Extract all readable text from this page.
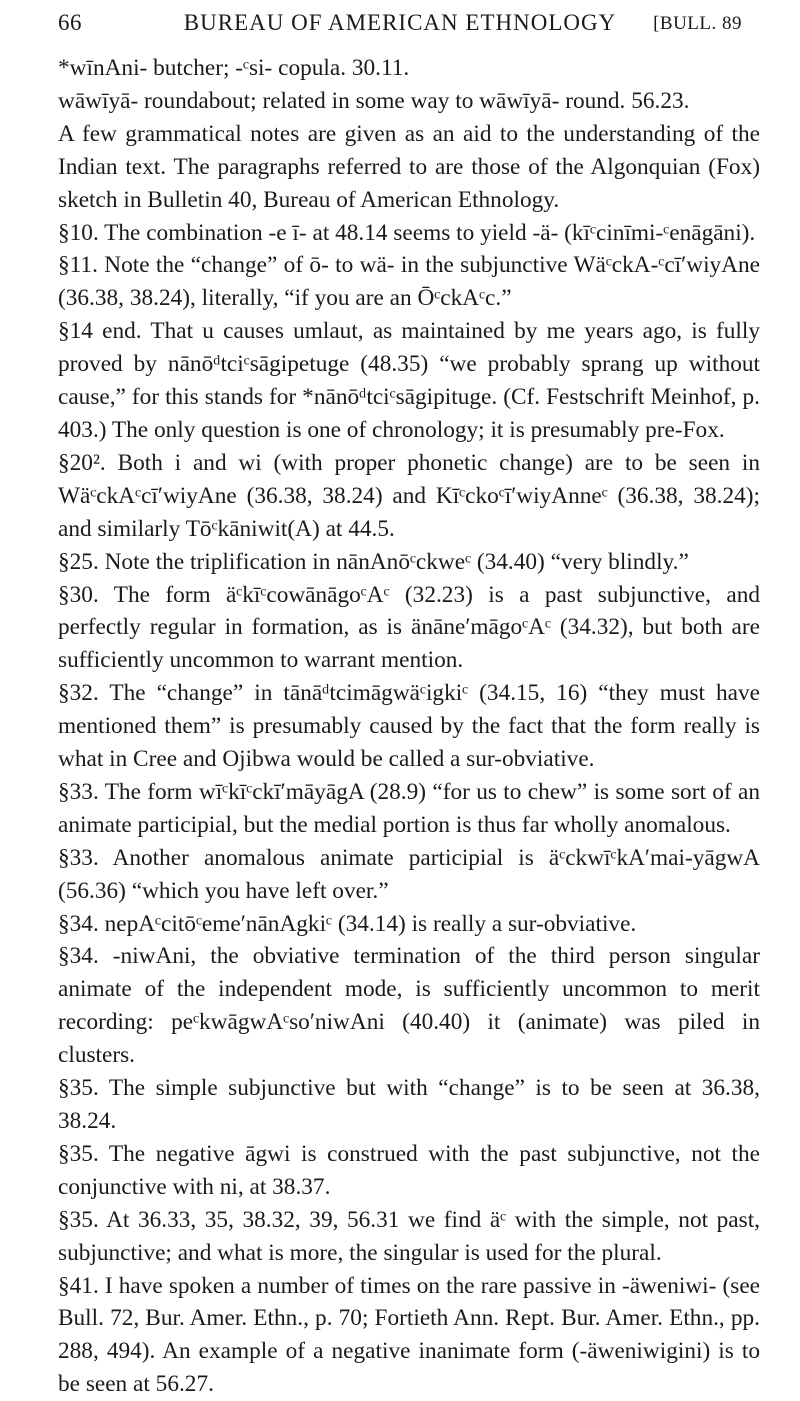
66	BUREAU OF AMERICAN ETHNOLOGY	[BULL. 89

*wīnAni- butcher; -ᶜsi- copula. 30.11.

wāwīyā- roundabout; related in some way to wāwīyā- round. 56.23.

A few grammatical notes are given as an aid to the understanding of the Indian text. The paragraphs referred to are those of the Algonquian (Fox) sketch in Bulletin 40, Bureau of American Ethnology.

§10. The combination -e ī- at 48.14 seems to yield -ä- (kīᶜcinīmi-ᶜenāgāni).

§11. Note the “change” of ō- to wä- in the subjunctive WäᶜckA-ᶜcīʹwiyAne (36.38, 38.24), literally, “if you are an ŌᶜckAᶜc.”

§14 end. That u causes umlaut, as maintained by me years ago, is fully proved by nānōᵈtciᶜsāgipetuge (48.35) “we probably sprang up without cause,” for this stands for *nānōᵈtciᶜsāgipituge. (Cf. Festschrift Meinhof, p. 403.) The only question is one of chronology; it is presumably pre-Fox.

§20². Both i and wi (with proper phonetic change) are to be seen in WäᶜckAᶜcīʹwiyAne (36.38, 38.24) and KīᶜckoᶜīʹwiyAnneᶜ (36.38, 38.24); and similarly Tōᶜkāniwit(A) at 44.5.

§25. Note the triplification in nānAnōᶜckweᶜ (34.40) “very blindly.”

§30. The form äᶜkīᶜcowānāgoᶜAᶜ (32.23) is a past subjunctive, and perfectly regular in formation, as is änāneʹmāgoᶜAᶜ (34.32), but both are sufficiently uncommon to warrant mention.

§32. The “change” in tānāᵈtcimāgwäᶜigkiᶜ (34.15, 16) “they must have mentioned them” is presumably caused by the fact that the form really is what in Cree and Ojibwa would be called a sur-obviative.

§33. The form wīᶜkīᶜckīʹmāyāgA (28.9) “for us to chew” is some sort of an animate participial, but the medial portion is thus far wholly anomalous.

§33. Another anomalous animate participial is äᶜckwīᶜkAʹmai-yāgwA (56.36) “which you have left over.”

§34. nepAᶜcitōᶜemeʹnānAgkiᶜ (34.14) is really a sur-obviative.

§34. -niwAni, the obviative termination of the third person singular animate of the independent mode, is sufficiently uncommon to merit recording: peᶜkwāgwAᶜsoʹniwAni (40.40) it (animate) was piled in clusters.

§35. The simple subjunctive but with “change” is to be seen at 36.38, 38.24.

§35. The negative āgwi is construed with the past subjunctive, not the conjunctive with ni, at 38.37.

§35. At 36.33, 35, 38.32, 39, 56.31 we find äᶜ with the simple, not past, subjunctive; and what is more, the singular is used for the plural.

§41. I have spoken a number of times on the rare passive in -äweniwi- (see Bull. 72, Bur. Amer. Ethn., p. 70; Fortieth Ann. Rept. Bur. Amer. Ethn., pp. 288, 494). An example of a negative inanimate form (-äweniwigini) is to be seen at 56.27.
